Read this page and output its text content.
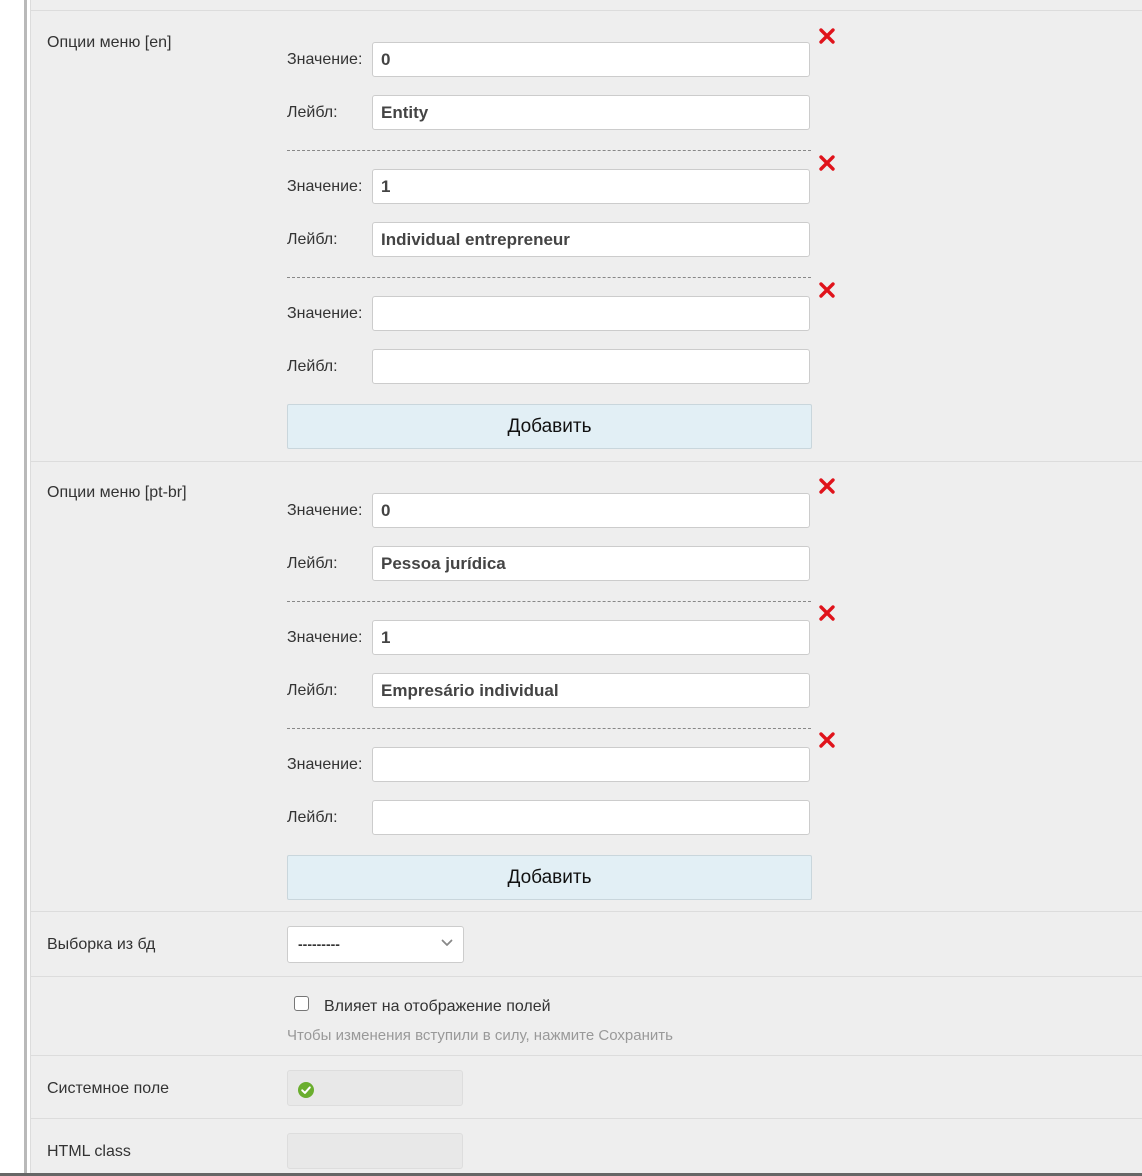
Опции меню [en]
Значение:
0
Лейбл:
Entity
Значение:
1
Лейбл:
Individual entrepreneur
Значение:
Лейбл:
Добавить
Опции меню [pt-br]
Значение:
0
Лейбл:
Pessoa jurídica
Значение:
1
Лейбл:
Empresário individual
Значение:
Лейбл:
Добавить
Выборка из бд	---------
Влияет на отображение полей
Чтобы изменения вступили в силу, нажмите Сохранить
Системное поле
HTML class
